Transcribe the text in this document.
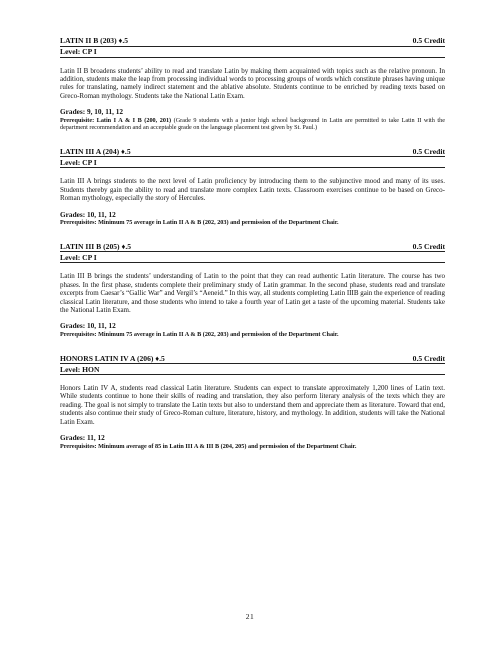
LATIN II B (203) ♦.5	0.5 Credit
Level: CP I

Latin II B broadens students’ ability to read and translate Latin by making them acquainted with topics such as the relative pronoun. In addition, students make the leap from processing individual words to processing groups of words which constitute phrases having unique rules for translating, namely indirect statement and the ablative absolute. Students continue to be enriched by reading texts based on Greco-Roman mythology. Students take the National Latin Exam.

Grades: 9, 10, 11, 12
Prerequisite: Latin I A & I B (200, 201) (Grade 9 students with a junior high school background in Latin are permitted to take Latin II with the department recommendation and an acceptable grade on the language placement test given by St. Paul.)
LATIN III A (204) ♦.5	0.5 Credit
Level: CP I

Latin III A brings students to the next level of Latin proficiency by introducing them to the subjunctive mood and many of its uses. Students thereby gain the ability to read and translate more complex Latin texts. Classroom exercises continue to be based on Greco-Roman mythology, especially the story of Hercules.

Grades: 10, 11, 12
Prerequisites: Minimum 75 average in Latin II A & B (202, 203) and permission of the Department Chair.
LATIN III B (205) ♦.5	0.5 Credit
Level: CP I

Latin III B brings the students’ understanding of Latin to the point that they can read authentic Latin literature. The course has two phases. In the first phase, students complete their preliminary study of Latin grammar. In the second phase, students read and translate excerpts from Caesar’s “Gallic War” and Vergil’s “Aeneid.” In this way, all students completing Latin IIIB gain the experience of reading classical Latin literature, and those students who intend to take a fourth year of Latin get a taste of the upcoming material. Students take the National Latin Exam.

Grades: 10, 11, 12
Prerequisites: Minimum 75 average in Latin II A & B (202, 203) and permission of the Department Chair.
HONORS LATIN IV A (206) ♦.5	0.5 Credit
Level: HON

Honors Latin IV A, students read classical Latin literature. Students can expect to translate approximately 1,200 lines of Latin text. While students continue to hone their skills of reading and translation, they also perform literary analysis of the texts which they are reading. The goal is not simply to translate the Latin texts but also to understand them and appreciate them as literature. Toward that end, students also continue their study of Greco-Roman culture, literature, history, and mythology. In addition, students will take the National Latin Exam.

Grades: 11, 12
Prerequisites: Minimum average of 85 in Latin III A & III B (204, 205) and permission of the Department Chair.
21
